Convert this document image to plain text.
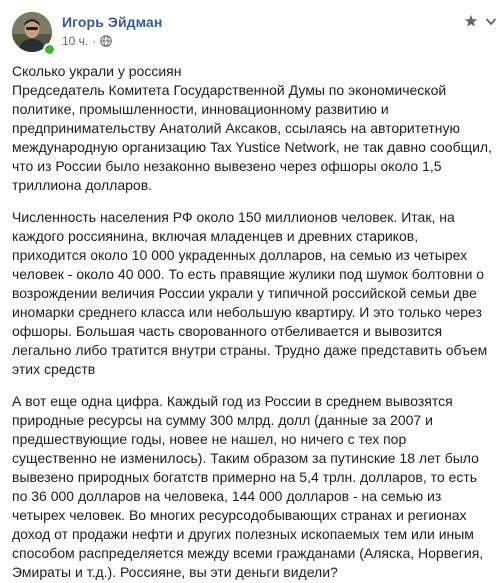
Игорь Эйдман
10 ч. ·

Сколько украли у россиян
Председатель Комитета Государственной Думы по экономической политике, промышленности, инновационному развитию и предпринимательству Анатолий Аксаков, ссылаясь на авторитетную международную организацию Tax Yustice Network, не так давно сообщил, что из России было незаконно вывезено через офшоры около 1,5 триллиона долларов.

Численность населения РФ около 150 миллионов человек. Итак, на каждого россиянина, включая младенцев и древних стариков, приходится около 10 000 украденных долларов, на семью из четырех человек - около 40 000. То есть правящие жулики под шумок болтовни о возрождении величия России украли у типичной российской семьи две иномарки среднего класса или небольшую квартиру. И это только через офшоры. Большая часть сворованного отбеливается и вывозится легально либо тратится внутри страны. Трудно даже представить объем этих средств

А вот еще одна цифра. Каждый год из России в среднем вывозятся природные ресурсы на сумму 300 млрд. долл (данные за 2007 и предшествующие годы, новее не нашел, но ничего с тех пор существенно не изменилось). Таким образом за путинские 18 лет было вывезено природных богатств примерно на 5,4 трлн. долларов, то есть по 36 000 долларов на человека, 144 000 долларов - на семью из четырех человек. Во многих ресурсодобывающих странах и регионах доход от продажи нефти и других полезных ископаемых тем или иным способом распределяется между всеми гражданами (Аляска, Норвегия, Эмираты и т.д.). Россияне, вы эти деньги видели?
